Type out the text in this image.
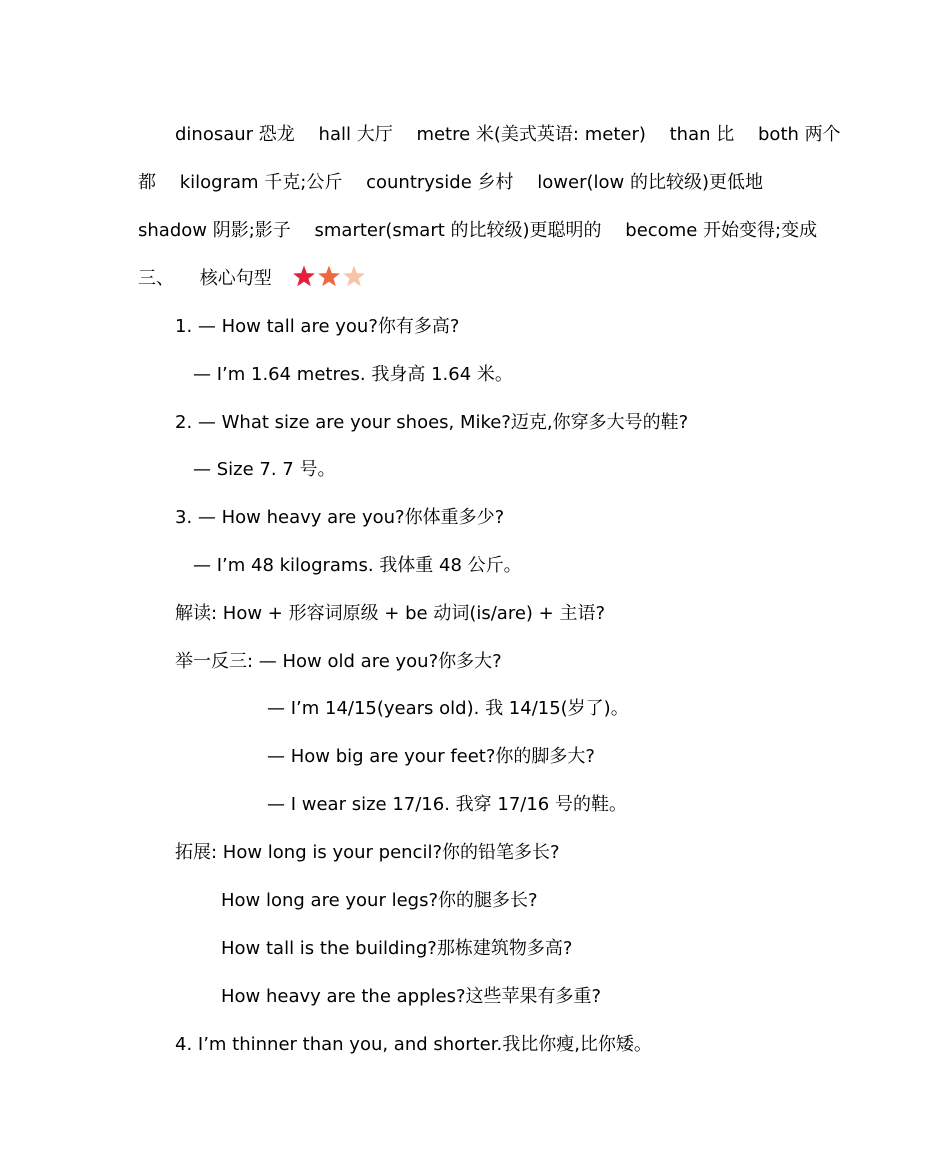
dinosaur 恐龙 hall 大厅 metre 米(美式英语: meter) than 比 both 两个
都 kilogram 千克;公斤 countryside 乡村 lower(low 的比较级)更低地
shadow 阴影;影子 smarter(smart 的比较级)更聪明的 become 开始变得;变成
三、 核心句型
1. — How tall are you?你有多高?
— I’m 1.64 metres. 我身高 1.64 米。
2. — What size are your shoes, Mike?迈克,你穿多大号的鞋?
— Size 7. 7 号。
3. — How heavy are you?你体重多少?
— I’m 48 kilograms. 我体重 48 公斤。
解读: How + 形容词原级 + be 动词(is/are) + 主语?
举一反三: — How old are you?你多大?
— I’m 14/15(years old). 我 14/15(岁了)。
— How big are your feet?你的脚多大?
— I wear size 17/16. 我穿 17/16 号的鞋。
拓展: How long is your pencil?你的铅笔多长?
How long are your legs?你的腿多长?
How tall is the building?那栋建筑物多高?
How heavy are the apples?这些苹果有多重?
4. I’m thinner than you, and shorter.我比你瘦,比你矮。
